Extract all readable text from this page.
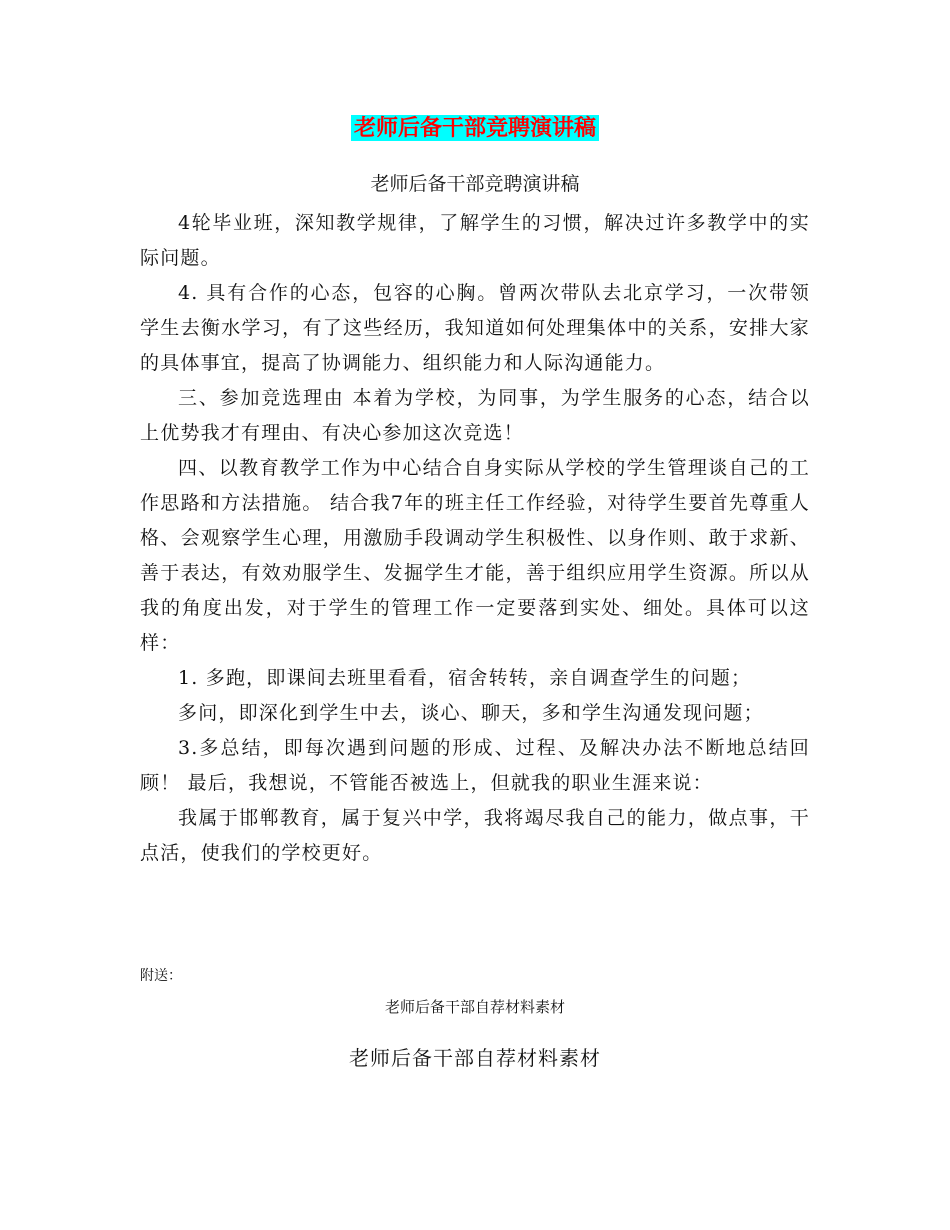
老师后备干部竞聘演讲稿
老师后备干部竞聘演讲稿

4轮毕业班，深知教学规律，了解学生的习惯，解决过许多教学中的实际问题。

4. 具有合作的心态，包容的心胸。曾两次带队去北京学习，一次带领学生去衡水学习，有了这些经历，我知道如何处理集体中的关系，安排大家的具体事宜，提高了协调能力、组织能力和人际沟通能力。

三、参加竞选理由 本着为学校，为同事，为学生服务的心态，结合以上优势我才有理由、有决心参加这次竞选！

四、以教育教学工作为中心结合自身实际从学校的学生管理谈自己的工作思路和方法措施。 结合我7年的班主任工作经验，对待学生要首先尊重人格、会观察学生心理，用激励手段调动学生积极性、以身作则、敢于求新、善于表达，有效劝服学生、发掘学生才能，善于组织应用学生资源。所以从我的角度出发，对于学生的管理工作一定要落到实处、细处。具体可以这样：

1. 多跑，即课间去班里看看，宿舍转转，亲自调查学生的问题；

多问，即深化到学生中去，谈心、聊天，多和学生沟通发现问题；

3.多总结，即每次遇到问题的形成、过程、及解决办法不断地总结回顾！ 最后，我想说，不管能否被选上，但就我的职业生涯来说：

我属于邯郸教育，属于复兴中学，我将竭尽我自己的能力，做点事，干点活，使我们的学校更好。

附送：
老师后备干部自荐材料素材
老师后备干部自荐材料素材
